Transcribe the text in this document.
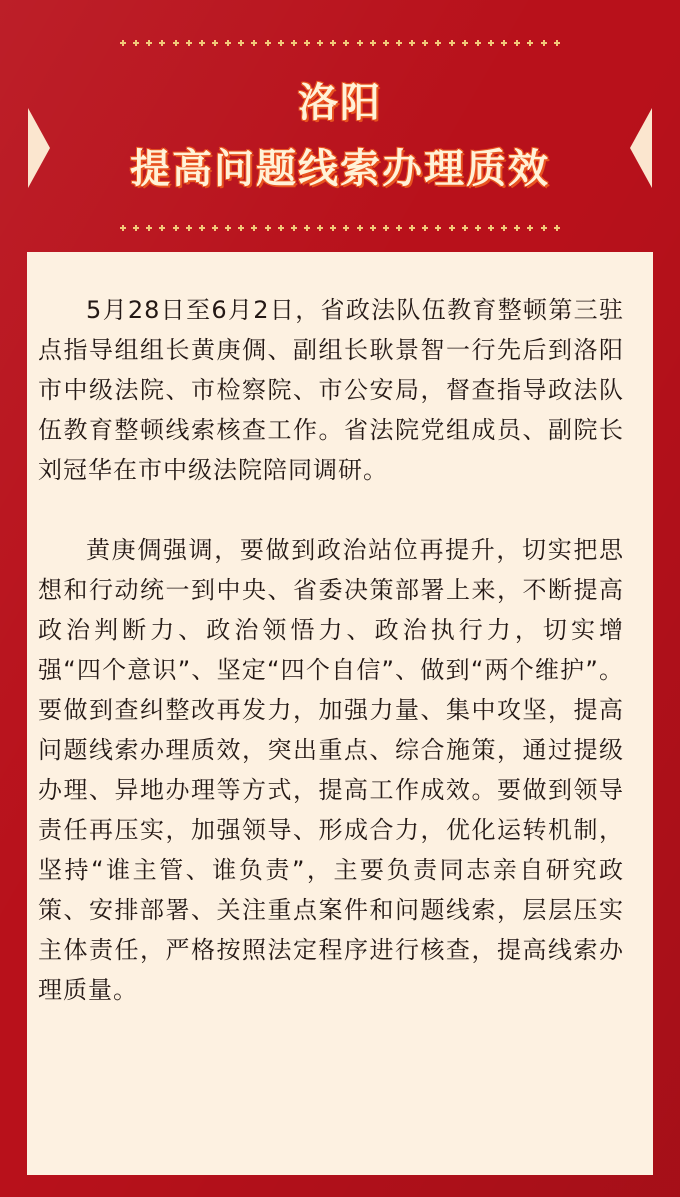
洛阳
提高问题线索办理质效

5月28日至6月2日，省政法队伍教育整顿第三驻点指导组组长黄庚倜、副组长耿景智一行先后到洛阳市中级法院、市检察院、市公安局，督查指导政法队伍教育整顿线索核查工作。省法院党组成员、副院长刘冠华在市中级法院陪同调研。

黄庚倜强调，要做到政治站位再提升，切实把思想和行动统一到中央、省委决策部署上来，不断提高政治判断力、政治领悟力、政治执行力，切实增强“四个意识”、坚定“四个自信”、做到“两个维护”。要做到查纠整改再发力，加强力量、集中攻坚，提高问题线索办理质效，突出重点、综合施策，通过提级办理、异地办理等方式，提高工作成效。要做到领导责任再压实，加强领导、形成合力，优化运转机制，坚持“谁主管、谁负责”，主要负责同志亲自研究政策、安排部署、关注重点案件和问题线索，层层压实主体责任，严格按照法定程序进行核查，提高线索办理质量。
